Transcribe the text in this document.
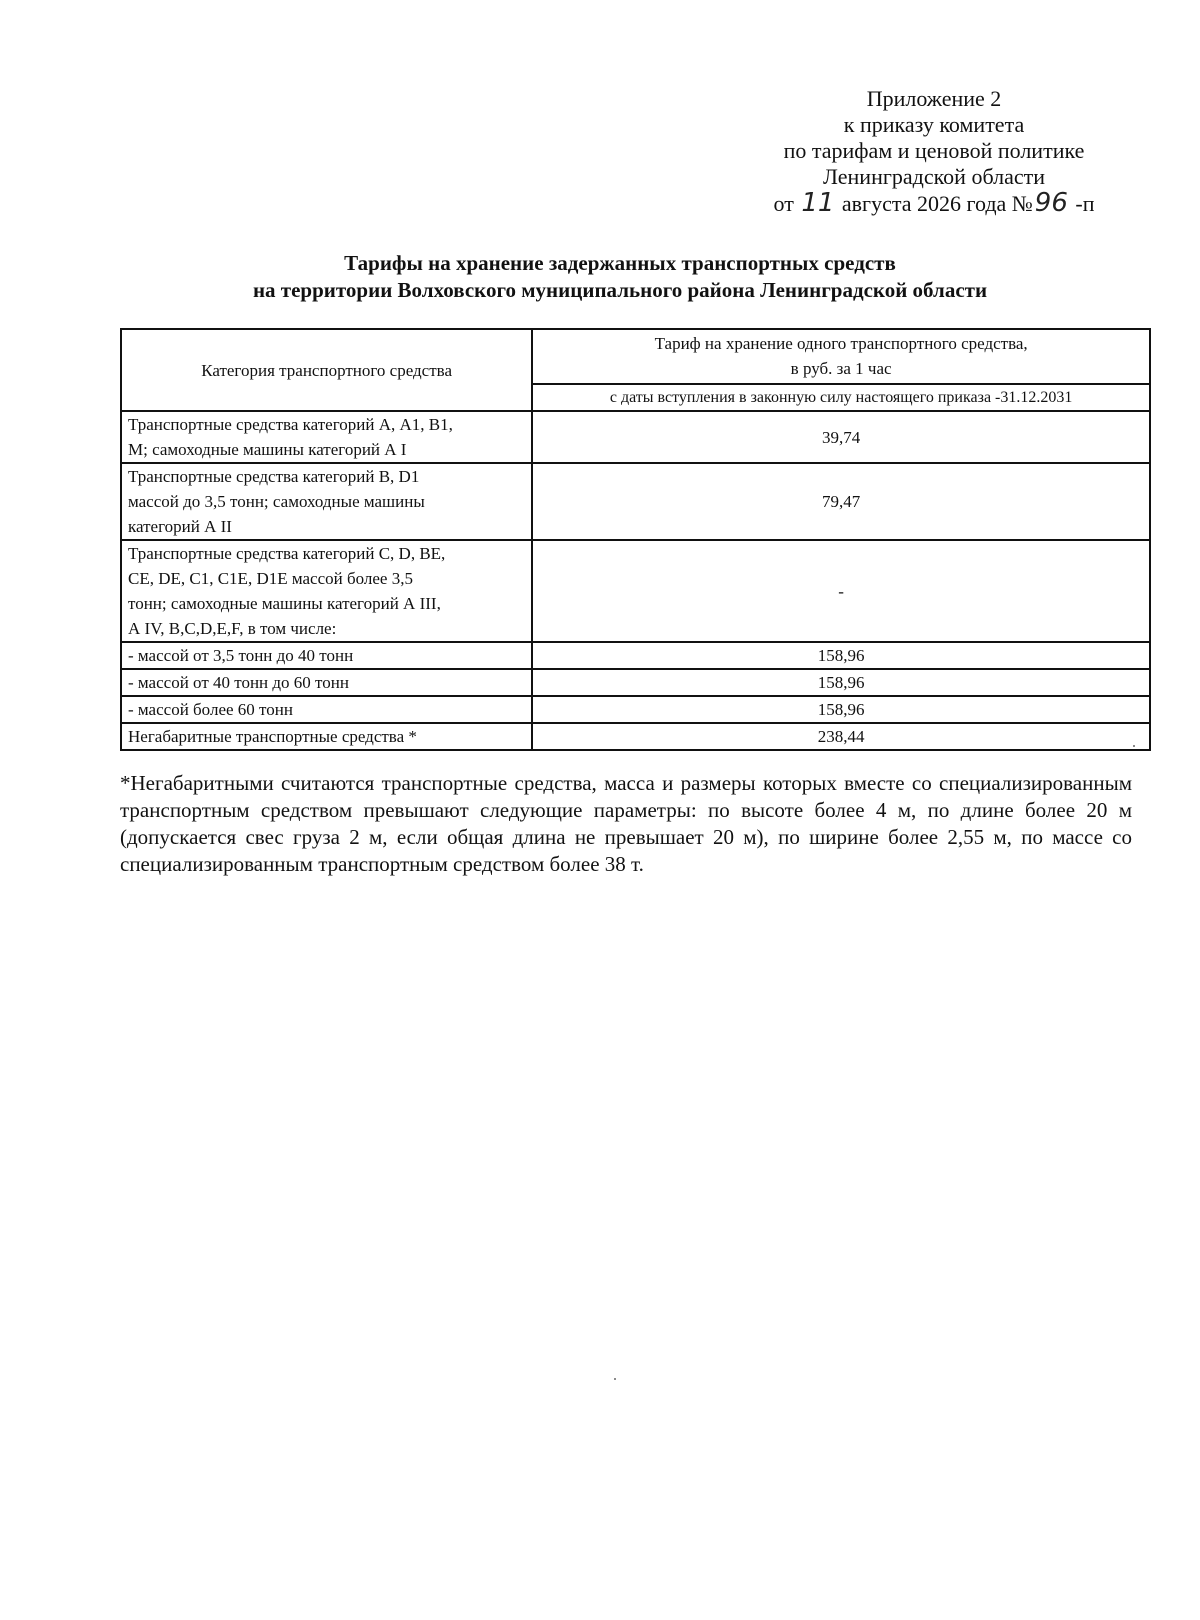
Приложение 2
к приказу комитета
по тарифам и ценовой политике
Ленинградской области
от 11 августа 2026 года №96 -п
Тарифы на хранение задержанных транспортных средств
на территории Волховского муниципального района Ленинградской области
Категория транспортного средства	Тариф на хранение одного транспортного средства,
в руб. за 1 час

	с даты вступления в законную силу настоящего приказа -31.12.2031

Транспортные средства категорий А, А1, В1,
М; самоходные машины категорий А I	39,74

Транспортные средства категорий В, D1
массой до 3,5 тонн; самоходные машины
категорий А II	79,47

Транспортные средства категорий С, D, ВЕ,
СЕ, DE, C1, C1E, D1E массой более 3,5
тонн; самоходные машины категорий А III,
А IV, В,С,D,E,F, в том числе:	-

- массой от 3,5 тонн до 40 тонн	158,96

- массой от 40 тонн до 60 тонн	158,96

- массой более 60 тонн	158,96

Негабаритные транспортные средства *	238,44
*Негабаритными считаются транспортные средства, масса и размеры которых вместе со специализированным транспортным средством превышают следующие параметры: по высоте более 4 м, по длине более 20 м (допускается свес груза 2 м, если общая длина не превышает 20 м), по ширине более 2,55 м, по массе со специализированным транспортным средством более 38 т.
